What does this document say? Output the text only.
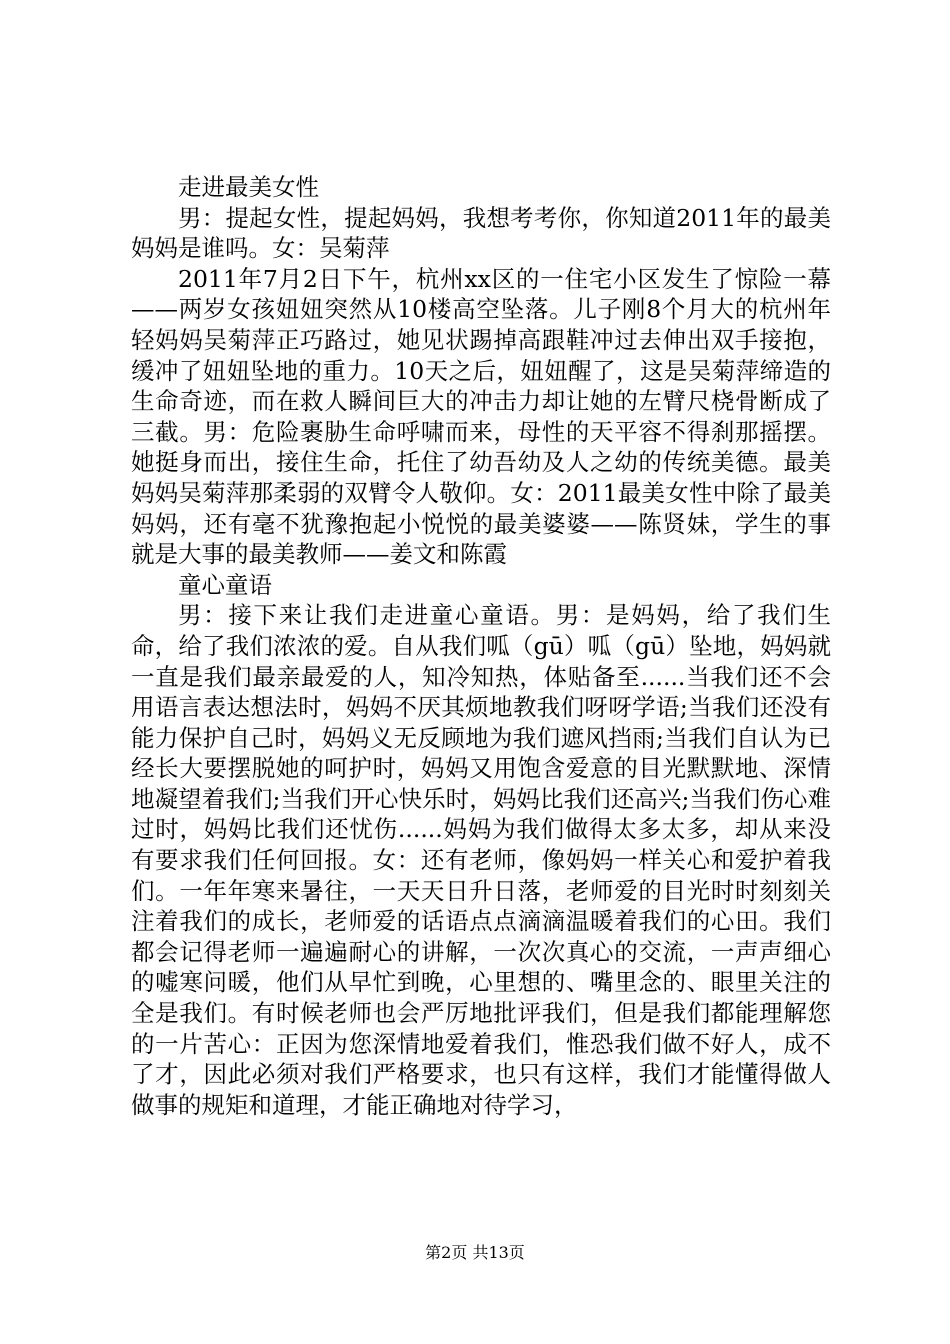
走进最美女性

男：提起女性，提起妈妈，我想考考你，你知道2011年的最美妈妈是谁吗。女：吴菊萍

2011年7月2日下午，杭州xx区的一住宅小区发生了惊险一幕——两岁女孩妞妞突然从10楼高空坠落。儿子刚8个月大的杭州年轻妈妈吴菊萍正巧路过，她见状踢掉高跟鞋冲过去伸出双手接抱，缓冲了妞妞坠地的重力。10天之后，妞妞醒了，这是吴菊萍缔造的生命奇迹，而在救人瞬间巨大的冲击力却让她的左臂尺桡骨断成了三截。男：危险裹胁生命呼啸而来，母性的天平容不得刹那摇摆。她挺身而出，接住生命，托住了幼吾幼及人之幼的传统美德。最美妈妈吴菊萍那柔弱的双臂令人敬仰。女：2011最美女性中除了最美妈妈，还有毫不犹豫抱起小悦悦的最美婆婆——陈贤妹，学生的事就是大事的最美教师——姜文和陈霞

童心童语

男：接下来让我们走进童心童语。男：是妈妈，给了我们生命，给了我们浓浓的爱。自从我们呱（gū）呱（gū）坠地，妈妈就一直是我们最亲最爱的人，知冷知热，体贴备至......当我们还不会用语言表达想法时，妈妈不厌其烦地教我们呀呀学语;当我们还没有能力保护自己时，妈妈义无反顾地为我们遮风挡雨;当我们自认为已经长大要摆脱她的呵护时，妈妈又用饱含爱意的目光默默地、深情地凝望着我们;当我们开心快乐时，妈妈比我们还高兴;当我们伤心难过时，妈妈比我们还忧伤......妈妈为我们做得太多太多，却从来没有要求我们任何回报。女：还有老师，像妈妈一样关心和爱护着我们。一年年寒来暑往，一天天日升日落，老师爱的目光时时刻刻关注着我们的成长，老师爱的话语点点滴滴温暖着我们的心田。我们都会记得老师一遍遍耐心的讲解，一次次真心的交流，一声声细心的嘘寒问暖，他们从早忙到晚，心里想的、嘴里念的、眼里关注的全是我们。有时候老师也会严厉地批评我们，但是我们都能理解您的一片苦心：正因为您深情地爱着我们，惟恐我们做不好人，成不了才，因此必须对我们严格要求，也只有这样，我们才能懂得做人做事的规矩和道理，才能正确地对待学习，

第2页 共13页
